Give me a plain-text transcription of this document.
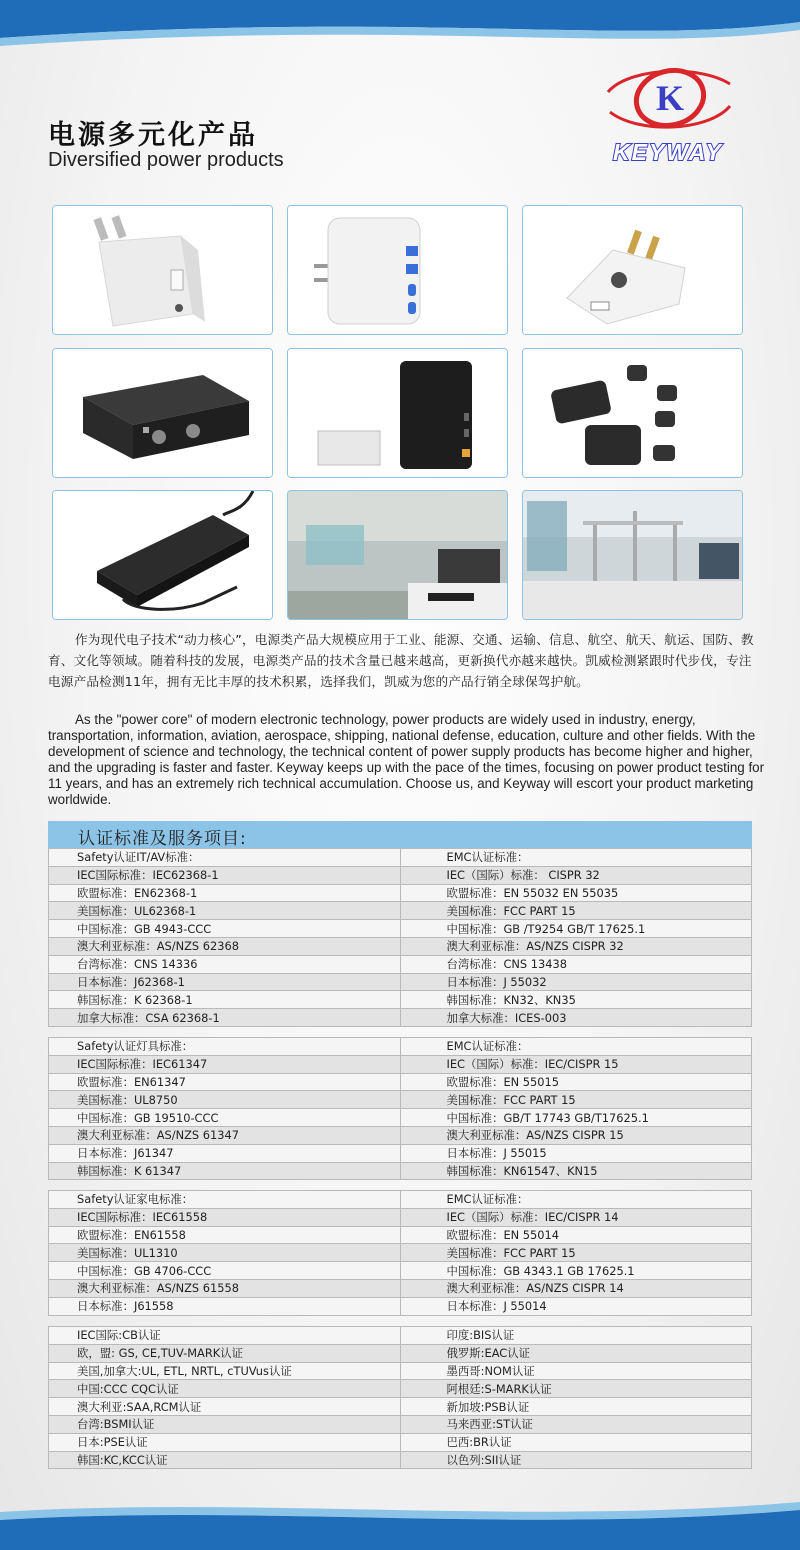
电源多元化产品
Diversified power products
K
KEYWAY

作为现代电子技术“动力核心”，电源类产品大规模应用于工业、能源、交通、运输、信息、航空、航天、航运、国防、教育、文化等领域。随着科技的发展，电源类产品的技术含量已越来越高，更新换代亦越来越快。凯威检测紧跟时代步伐，专注电源产品检测11年，拥有无比丰厚的技术积累，选择我们，凯威为您的产品行销全球保驾护航。

As the "power core" of modern electronic technology, power products are widely used in industry, energy, transportation, information, aviation, aerospace, shipping, national defense, education, culture and other fields. With the development of science and technology, the technical content of power supply products has become higher and higher, and the upgrading is faster and faster. Keyway keeps up with the pace of the times, focusing on power product testing for 11 years, and has an extremely rich technical accumulation. Choose us, and Keyway will escort your product marketing worldwide.

认证标准及服务项目:
Safety认证IT/AV标准：	EMC认证标准：
IEC国际标准：IEC62368-1	IEC（国际）标准： CISPR 32
欧盟标准：EN62368-1	欧盟标准：EN 55032 EN 55035
美国标准：UL62368-1	美国标准：FCC PART 15
中国标准：GB 4943-CCC	中国标准：GB /T9254 GB/T 17625.1
澳大利亚标准：AS/NZS 62368	澳大利亚标准：AS/NZS CISPR 32
台湾标准：CNS 14336	台湾标准：CNS 13438
日本标准：J62368-1	日本标准：J 55032
韩国标准：K 62368-1	韩国标准：KN32、KN35
加拿大标准：CSA 62368-1	加拿大标准：ICES-003
Safety认证灯具标准：	EMC认证标准：
IEC国际标准：IEC61347	IEC（国际）标准：IEC/CISPR 15
欧盟标准：EN61347	欧盟标准：EN 55015
美国标准：UL8750	美国标准：FCC PART 15
中国标准：GB 19510-CCC	中国标准：GB/T 17743 GB/T17625.1
澳大利亚标准：AS/NZS 61347	澳大利亚标准：AS/NZS CISPR 15
日本标准：J61347	日本标准：J 55015
韩国标准：K 61347	韩国标准：KN61547、KN15
Safety认证家电标准：	EMC认证标准：
IEC国际标准：IEC61558	IEC（国际）标准：IEC/CISPR 14
欧盟标准：EN61558	欧盟标准：EN 55014
美国标准：UL1310	美国标准：FCC PART 15
中国标准：GB 4706-CCC	中国标准：GB 4343.1 GB 17625.1
澳大利亚标准：AS/NZS 61558	澳大利亚标准：AS/NZS CISPR 14
日本标准：J61558	日本标准：J 55014
IEC国际:CB认证	印度:BIS认证
欧，盟: GS, CE,TUV-MARK认证	俄罗斯:EAC认证
美国,加拿大:UL, ETL, NRTL, cTUVus认证	墨西哥:NOM认证
中国:CCC CQC认证	阿根廷:S-MARK认证
澳大利亚:SAA,RCM认证	新加坡:PSB认证
台湾:BSMI认证	马来西亚:ST认证
日本:PSE认证	巴西:BR认证
韩国:KC,KCC认证	以色列:SII认证
